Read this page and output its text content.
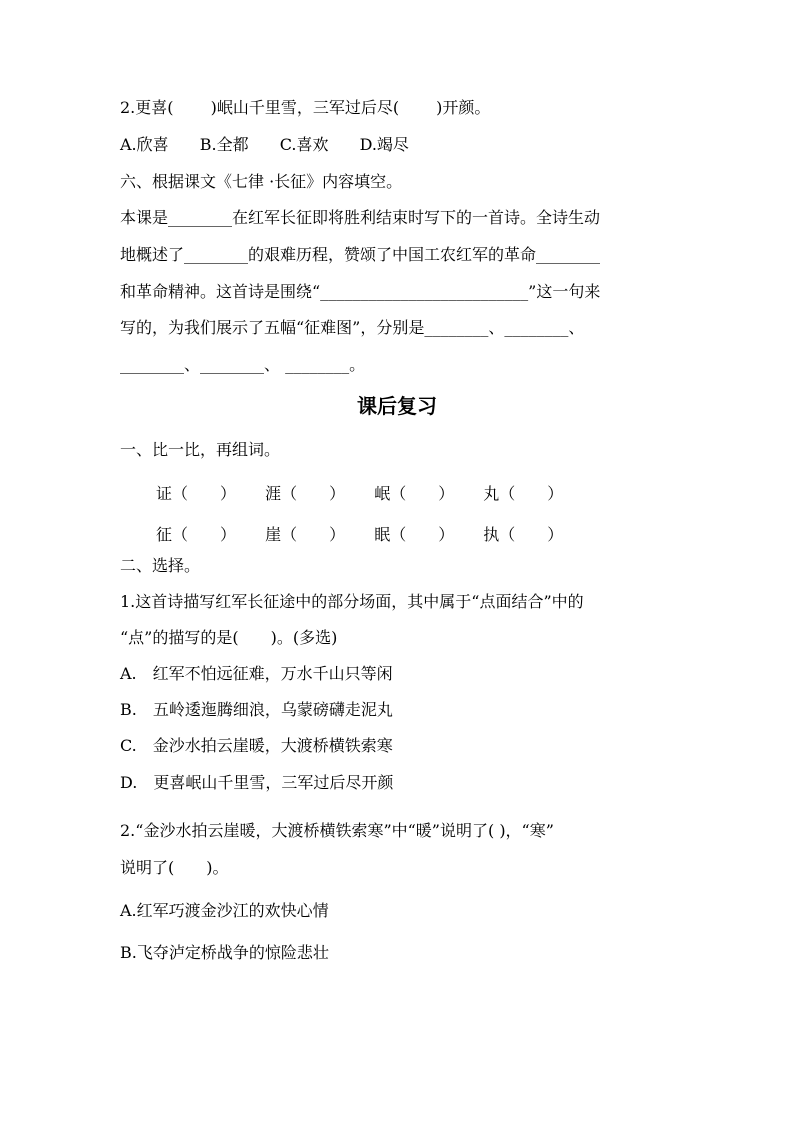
2.更喜(　　 )岷山千里雪，三军过后尽(　　 )开颜。
A.欣喜 B.全都 C.喜欢 D.竭尽
六、根据课文《七律 ·长征》内容填空。
本课是________在红军长征即将胜利结束时写下的一首诗。全诗生动
地概述了________的艰难历程，赞颂了中国工农红军的革命________
和革命精神。这首诗是围绕“__________________________”这一句来
写的，为我们展示了五幅“征难图”，分别是________、________、
________、________、 ________。
课后复习
一、比一比，再组词。
证（　　） 涯（　　） 岷（　　） 丸（　　）
征（　　） 崖（　　） 眠（　　） 执（　　）
二、选择。
1.这首诗描写红军长征途中的部分场面，其中属于“点面结合”中的
“点”的描写的是(　　)。(多选)
A.　红军不怕远征难，万水千山只等闲
B.　五岭逶迤腾细浪，乌蒙磅礴走泥丸
C.　金沙水拍云崖暖，大渡桥横铁索寒
D.　更喜岷山千里雪，三军过后尽开颜
2.“金沙水拍云崖暖，大渡桥横铁索寒”中“暖”说明了( )，“寒”
说明了(　　)。
A.红军巧渡金沙江的欢快心情
B.飞夺泸定桥战争的惊险悲壮
